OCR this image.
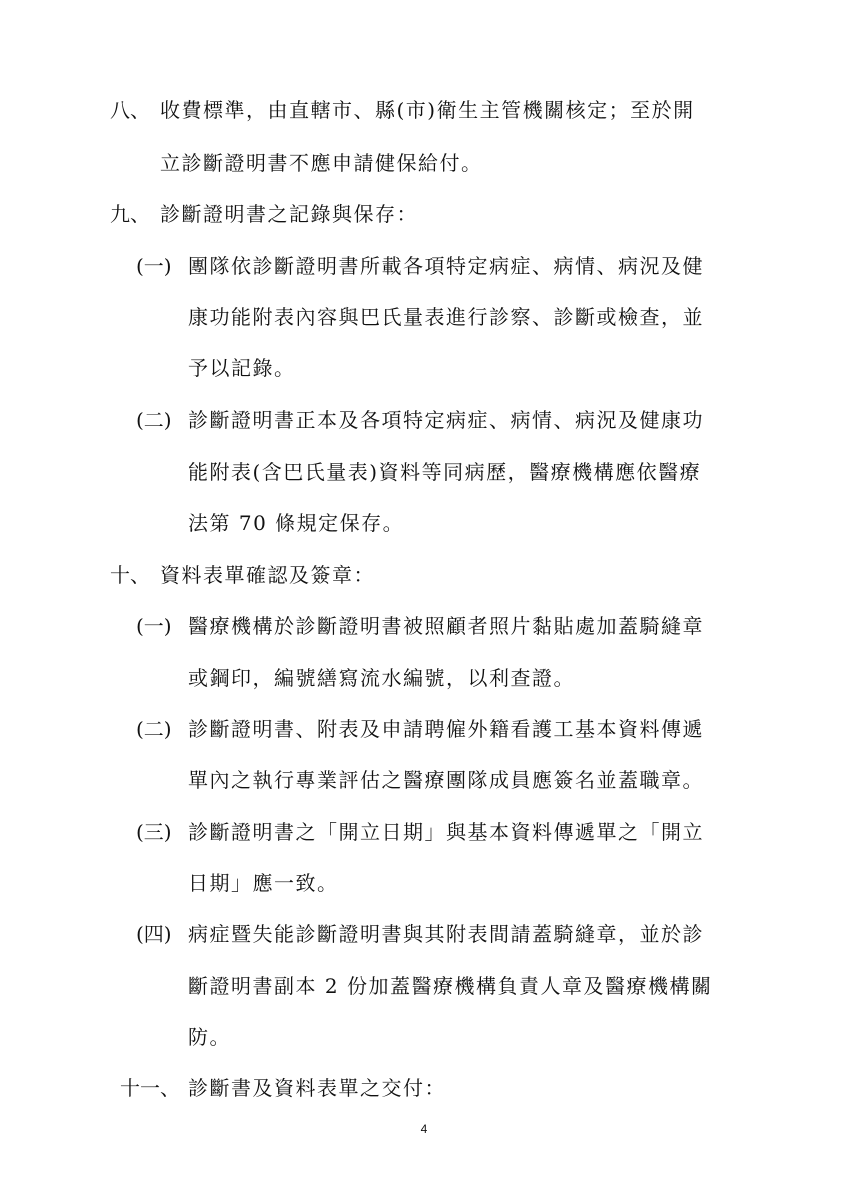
八、 收費標準，由直轄市、縣(市)衛生主管機關核定；至於開
立診斷證明書不應申請健保給付。
九、 診斷證明書之記錄與保存：
(一) 團隊依診斷證明書所載各項特定病症、病情、病況及健
康功能附表內容與巴氏量表進行診察、診斷或檢查，並
予以記錄。
(二) 診斷證明書正本及各項特定病症、病情、病況及健康功
能附表(含巴氏量表)資料等同病歷，醫療機構應依醫療
法第 70 條規定保存。
十、 資料表單確認及簽章：
(一) 醫療機構於診斷證明書被照顧者照片黏貼處加蓋騎縫章
或鋼印，編號繕寫流水編號，以利查證。
(二) 診斷證明書、附表及申請聘僱外籍看護工基本資料傳遞
單內之執行專業評估之醫療團隊成員應簽名並蓋職章。
(三) 診斷證明書之「開立日期」與基本資料傳遞單之「開立
日期」應一致。
(四) 病症暨失能診斷證明書與其附表間請蓋騎縫章，並於診
斷證明書副本 2 份加蓋醫療機構負責人章及醫療機構關
防。
十一、 診斷書及資料表單之交付：
4
